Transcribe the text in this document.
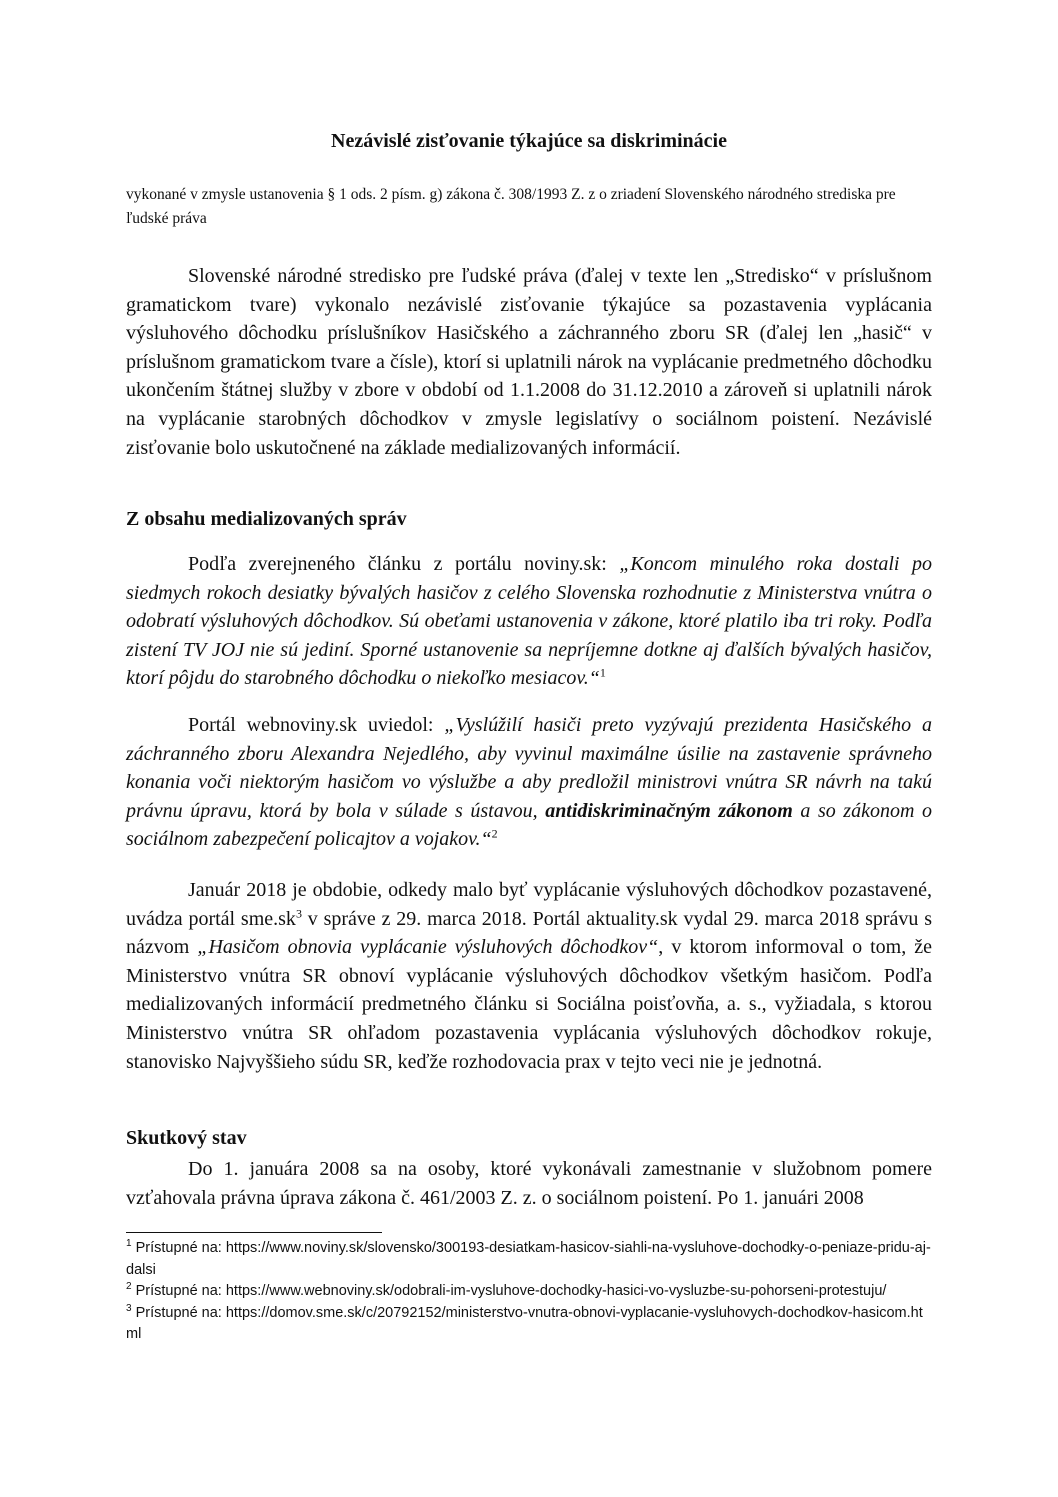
Nezávislé zisťovanie týkajúce sa diskriminácie

vykonané v zmysle ustanovenia § 1 ods. 2 písm. g) zákona č. 308/1993 Z. z o zriadení Slovenského národného strediska pre ľudské práva

Slovenské národné stredisko pre ľudské práva (ďalej v texte len „Stredisko“ v príslušnom gramatickom tvare) vykonalo nezávislé zisťovanie týkajúce sa pozastavenia vyplácania výsluhového dôchodku príslušníkov Hasičského a záchranného zboru SR (ďalej len „hasič“ v príslušnom gramatickom tvare a čísle), ktorí si uplatnili nárok na vyplácanie predmetného dôchodku ukončením štátnej služby v zbore v období od 1.1.2008 do 31.12.2010 a zároveň si uplatnili nárok na vyplácanie starobných dôchodkov v zmysle legislatívy o sociálnom poistení. Nezávislé zisťovanie bolo uskutočnené na základe medializovaných informácií.

Z obsahu medializovaných správ

Podľa zverejneného článku z portálu noviny.sk: „Koncom minulého roka dostali po siedmych rokoch desiatky bývalých hasičov z celého Slovenska rozhodnutie z Ministerstva vnútra o odobratí výsluhových dôchodkov. Sú obeťami ustanovenia v zákone, ktoré platilo iba tri roky. Podľa zistení TV JOJ nie sú jediní. Sporné ustanovenie sa nepríjemne dotkne aj ďalších bývalých hasičov, ktorí pôjdu do starobného dôchodku o niekoľko mesiacov.“$^1$

Portál webnoviny.sk uviedol: „Vyslúžilí hasiči preto vyzývajú prezidenta Hasičského a záchranného zboru Alexandra Nejedlého, aby vyvinul maximálne úsilie na zastavenie správneho konania voči niektorým hasičom vo výslužbe a aby predložil ministrovi vnútra SR návrh na takú právnu úpravu, ktorá by bola v súlade s ústavou, antidiskriminačným zákonom a so zákonom o sociálnom zabezpečení policajtov a vojakov.“$^2$

Január 2018 je obdobie, odkedy malo byť vyplácanie výsluhových dôchodkov pozastavené, uvádza portál $sme.sk^3$ v správe z 29. marca 2018. Portál aktuality.sk vydal 29. marca 2018 správu s názvom „Hasičom obnovia vyplácanie výsluhových dôchodkov“, v ktorom informoval o tom, že Ministerstvo vnútra SR obnoví vyplácanie výsluhových dôchodkov všetkým hasičom. Podľa medializovaných informácií predmetného článku si Sociálna poisťovňa, a. s., vyžiadala, s ktorou Ministerstvo vnútra SR ohľadom pozastavenia vyplácania výsluhových dôchodkov rokuje, stanovisko Najvyššieho súdu SR, keďže rozhodovacia prax v tejto veci nie je jednotná.

Skutkový stav

Do 1. januára 2008 sa na osoby, ktoré vykonávali zamestnanie v služobnom pomere vzťahovala právna úprava zákona č. 461/2003 Z. z. o sociálnom poistení. Po 1. januári 2008

$^1$ Prístupné na: https://www.noviny.sk/slovensko/300193-desiatkam-hasicov-siahli-na-vysluhove-dochodky-o-peniaze-pridu-aj-dalsi

$^2$ Prístupné na: https://www.webnoviny.sk/odobrali-im-vysluhove-dochodky-hasici-vo-vysluzbe-su-pohorseni-protestuju/

$^3$ Prístupné na: https://domov.sme.sk/c/20792152/ministerstvo-vnutra-obnovi-vyplacanie-vysluhovych-dochodkov-hasicom.html
